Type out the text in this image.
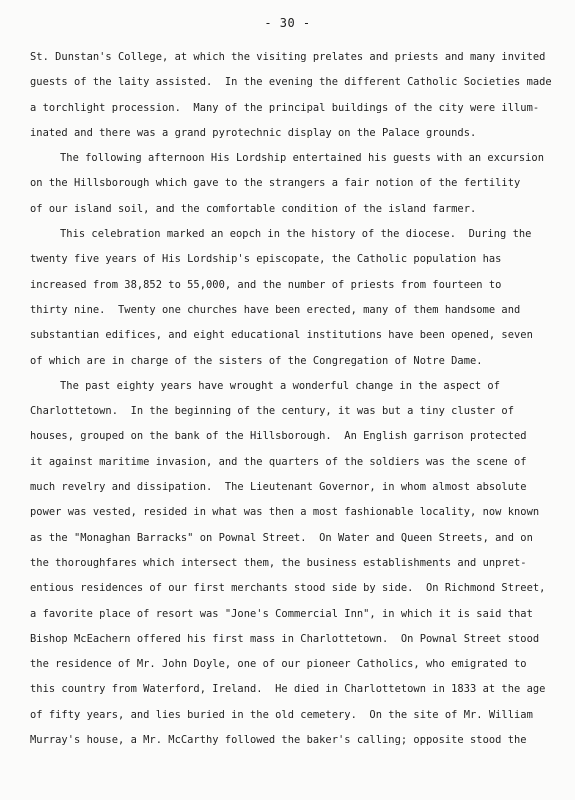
- 30 -
St. Dunstan's College, at which the visiting prelates and priests and many invited
guests of the laity assisted.  In the evening the different Catholic Societies made
a torchlight procession.  Many of the principal buildings of the city were illum-
inated and there was a grand pyrotechnic display on the Palace grounds.
The following afternoon His Lordship entertained his guests with an excursion
on the Hillsborough which gave to the strangers a fair notion of the fertility
of our island soil, and the comfortable condition of the island farmer.
This celebration marked an eopch in the history of the diocese.  During the
twenty five years of His Lordship's episcopate, the Catholic population has
increased from 38,852 to 55,000, and the number of priests from fourteen to
thirty nine.  Twenty one churches have been erected, many of them handsome and
substantian edifices, and eight educational institutions have been opened, seven
of which are in charge of the sisters of the Congregation of Notre Dame.
The past eighty years have wrought a wonderful change in the aspect of
Charlottetown.  In the beginning of the century, it was but a tiny cluster of
houses, grouped on the bank of the Hillsborough.  An English garrison protected
it against maritime invasion, and the quarters of the soldiers was the scene of
much revelry and dissipation.  The Lieutenant Governor, in whom almost absolute
power was vested, resided in what was then a most fashionable locality, now known
as the "Monaghan Barracks" on Pownal Street.  On Water and Queen Streets, and on
the thoroughfares which intersect them, the business establishments and unpret-
entious residences of our first merchants stood side by side.  On Richmond Street,
a favorite place of resort was "Jone's Commercial Inn", in which it is said that
Bishop McEachern offered his first mass in Charlottetown.  On Pownal Street stood
the residence of Mr. John Doyle, one of our pioneer Catholics, who emigrated to
this country from Waterford, Ireland.  He died in Charlottetown in 1833 at the age
of fifty years, and lies buried in the old cemetery.  On the site of Mr. William
Murray's house, a Mr. McCarthy followed the baker's calling; opposite stood the
